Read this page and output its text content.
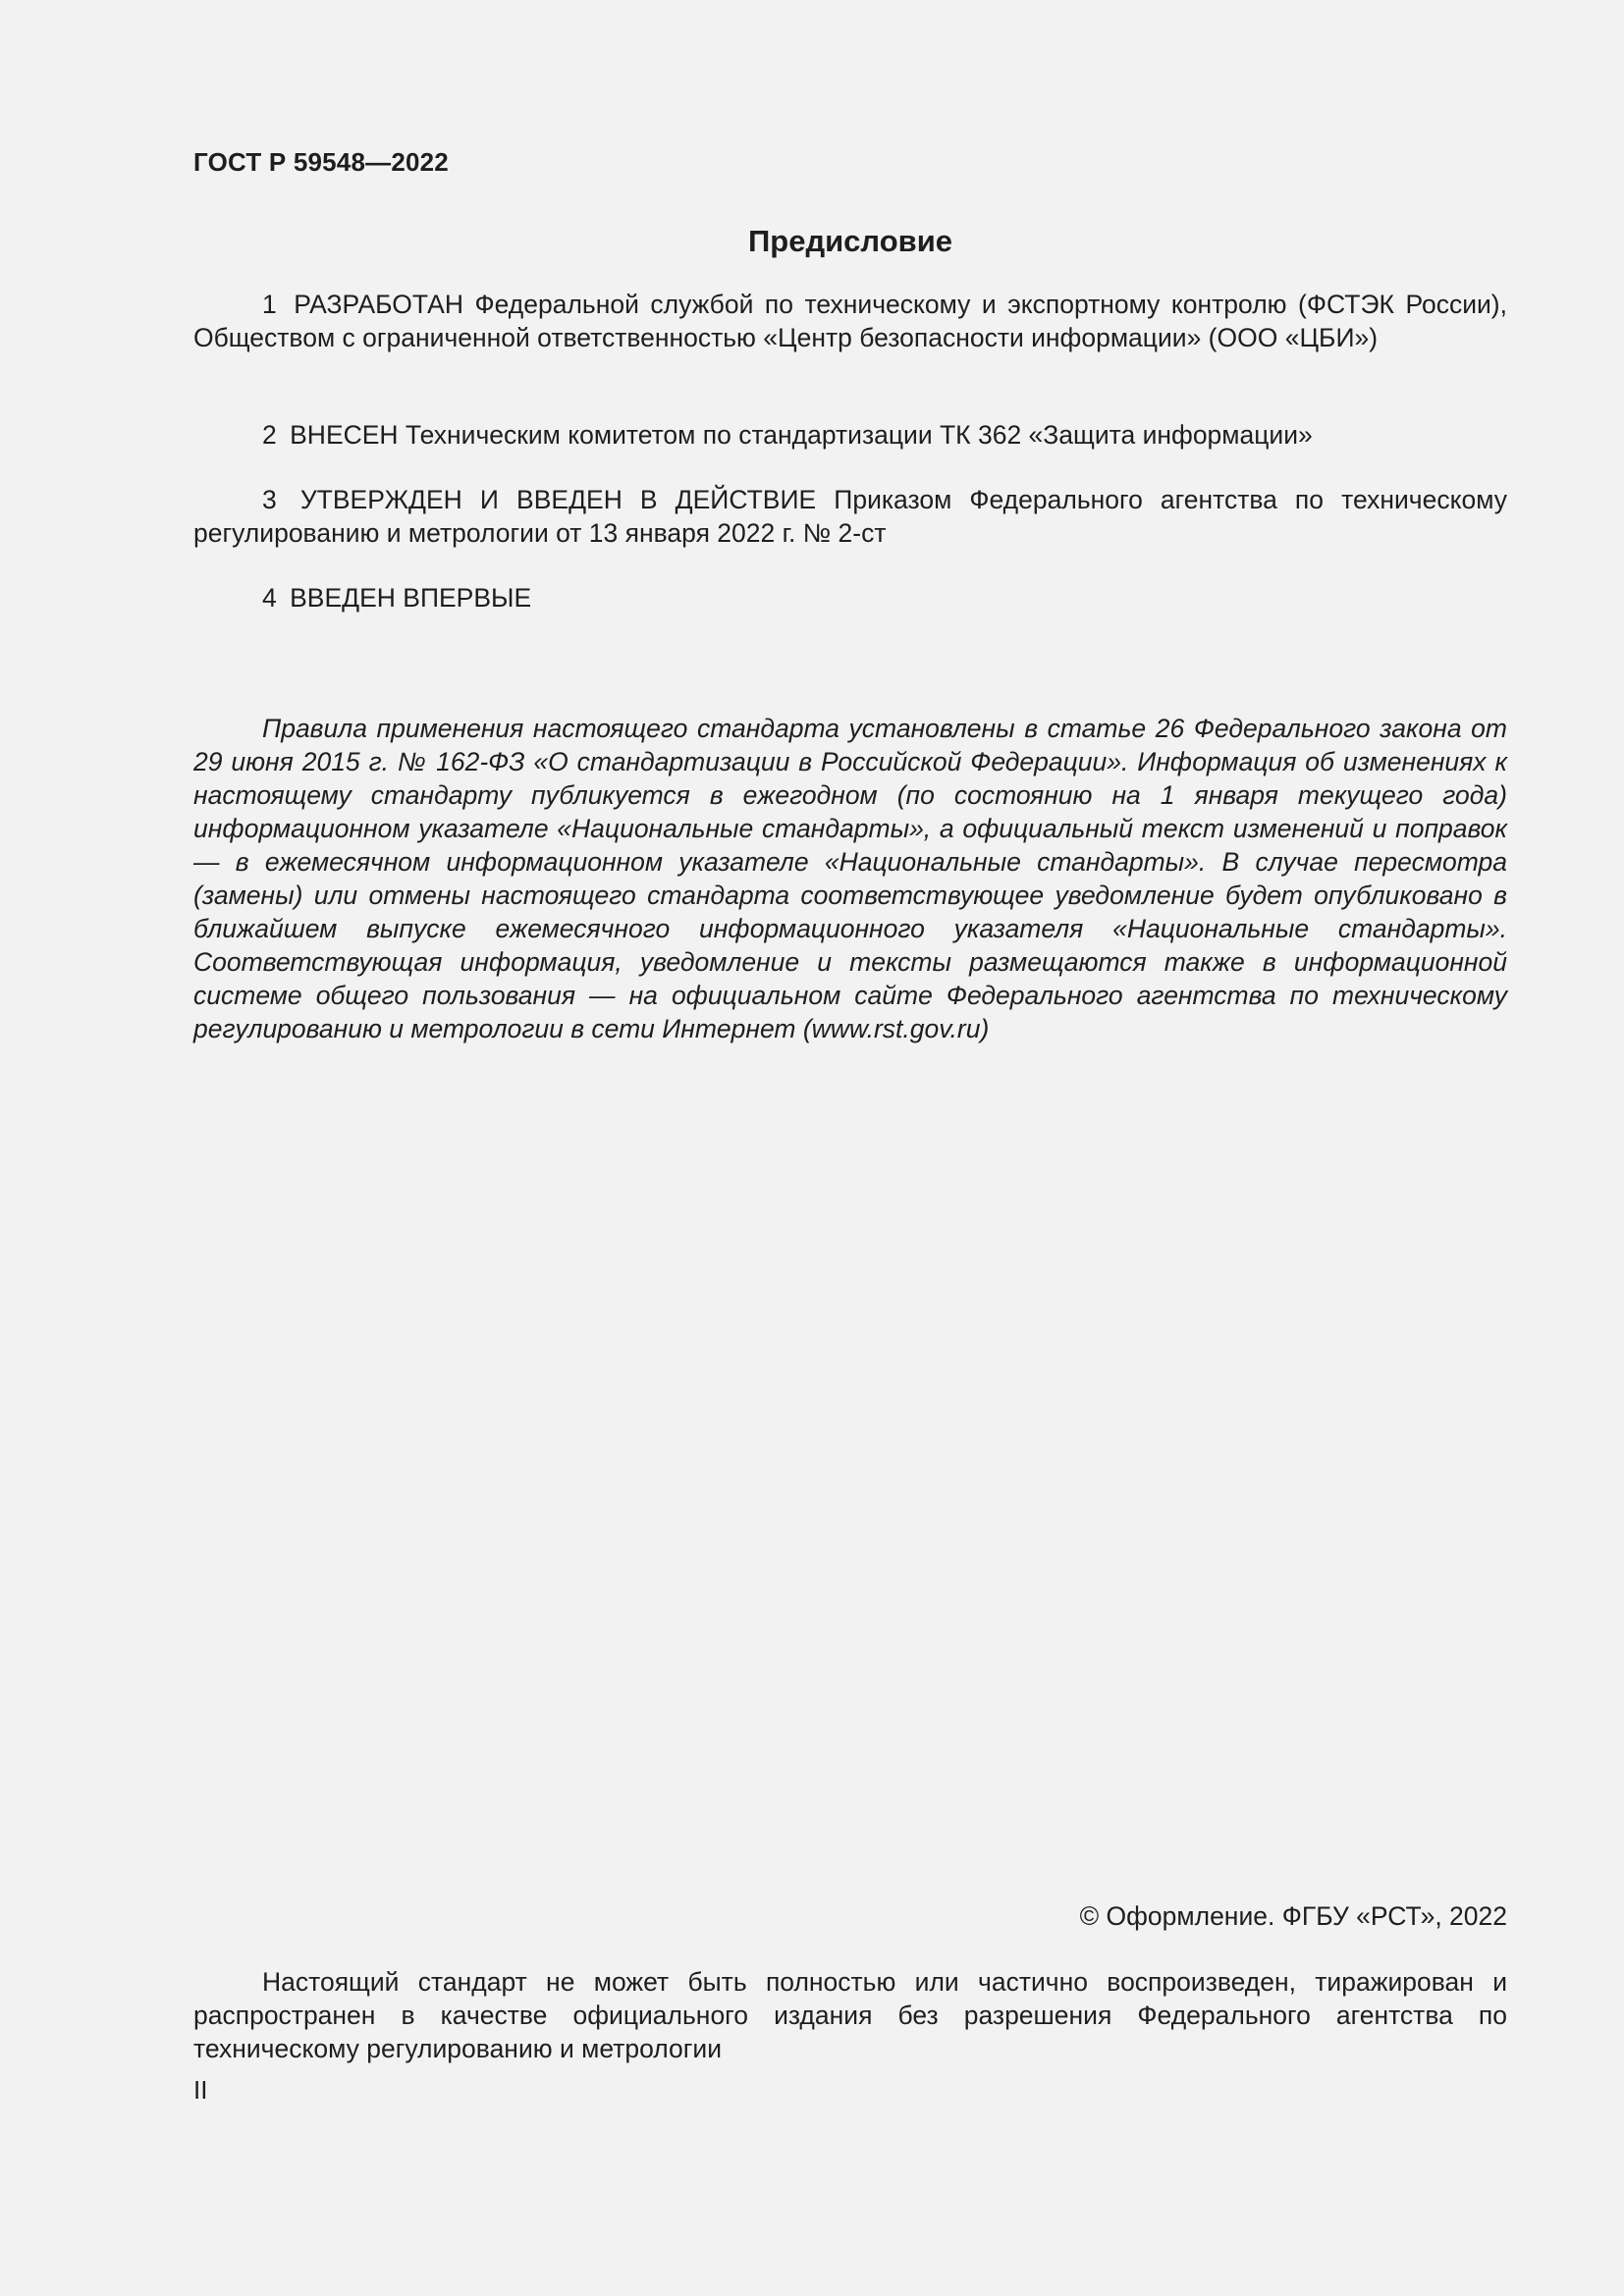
ГОСТ Р 59548—2022
Предисловие

1 РАЗРАБОТАН Федеральной службой по техническому и экспортному контролю (ФСТЭК России), Обществом с ограниченной ответственностью «Центр безопасности информации» (ООО «ЦБИ»)

2 ВНЕСЕН Техническим комитетом по стандартизации ТК 362 «Защита информации»

3 УТВЕРЖДЕН И ВВЕДЕН В ДЕЙСТВИЕ Приказом Федерального агентства по техническому регулированию и метрологии от 13 января 2022 г. № 2-ст

4 ВВЕДЕН ВПЕРВЫЕ

Правила применения настоящего стандарта установлены в статье 26 Федерального закона от 29 июня 2015 г. № 162-ФЗ «О стандартизации в Российской Федерации». Информация об изменениях к настоящему стандарту публикуется в ежегодном (по состоянию на 1 января текущего года) информационном указателе «Национальные стандарты», а официальный текст изменений и поправок — в ежемесячном информационном указателе «Национальные стандарты». В случае пересмотра (замены) или отмены настоящего стандарта соответствующее уведомление будет опубликовано в ближайшем выпуске ежемесячного информационного указателя «Национальные стандарты». Соответствующая информация, уведомление и тексты размещаются также в информационной системе общего пользования — на официальном сайте Федерального агентства по техническому регулированию и метрологии в сети Интернет (www.rst.gov.ru)

© Оформление. ФГБУ «РСТ», 2022

Настоящий стандарт не может быть полностью или частично воспроизведен, тиражирован и распространен в качестве официального издания без разрешения Федерального агентства по техническому регулированию и метрологии

II
